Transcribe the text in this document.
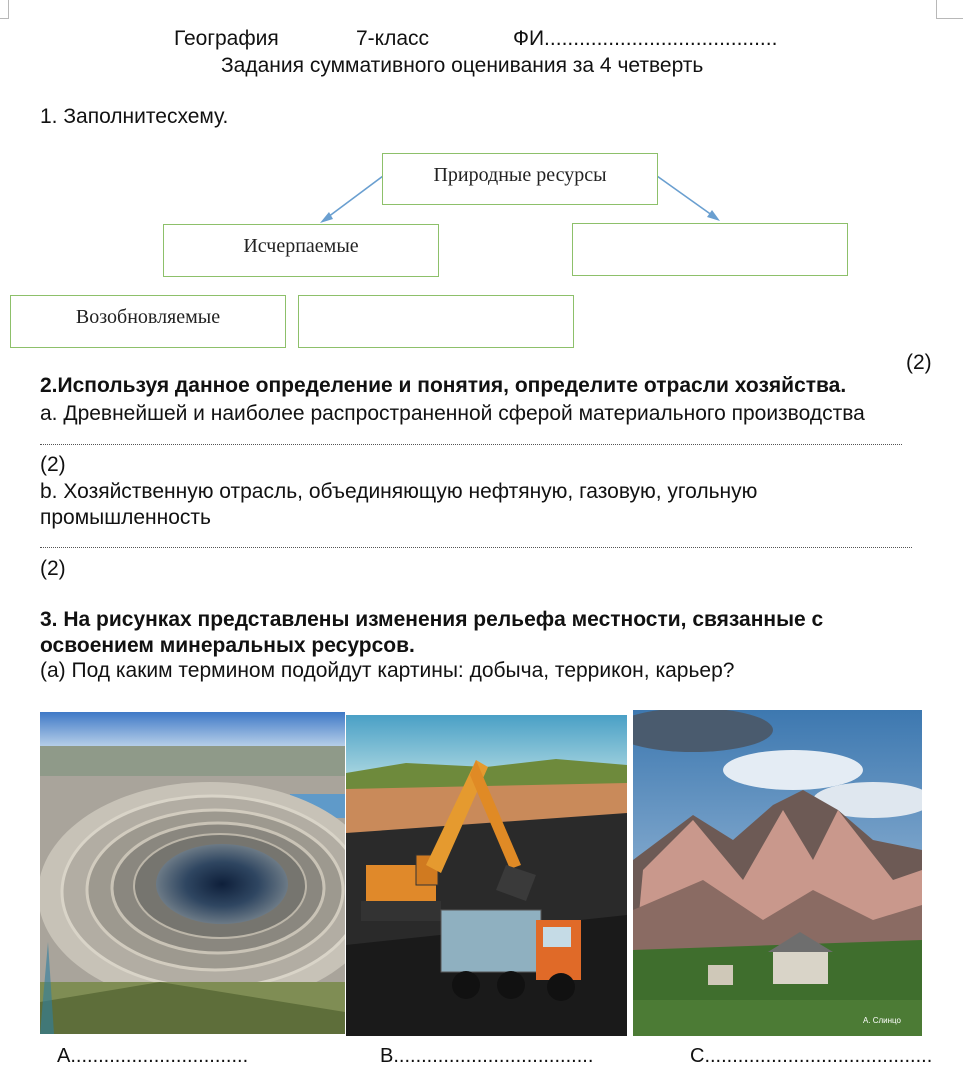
География	7-класс	ФИ........................................
Задания суммативного оценивания за 4 четверть
1. Заполнитесхему.
Природные ресурсы
Исчерпаемые
Возобновляемые
(2)
2.Используя данное определение и понятия, определите отрасли хозяйства.
a. Древнейшей и наиболее распространенной сферой материального производства
(2)
b. Хозяйственную отрасль, объединяющую нефтяную, газовую, угольную
промышленность
(2)
3. На рисунках представлены изменения рельефа местности, связанные с
освоением минеральных ресурсов.
(а) Под каким термином подойдут картины: добыча, террикон, карьер?
A. Слинцо
A................................	B....................................	C.........................................
